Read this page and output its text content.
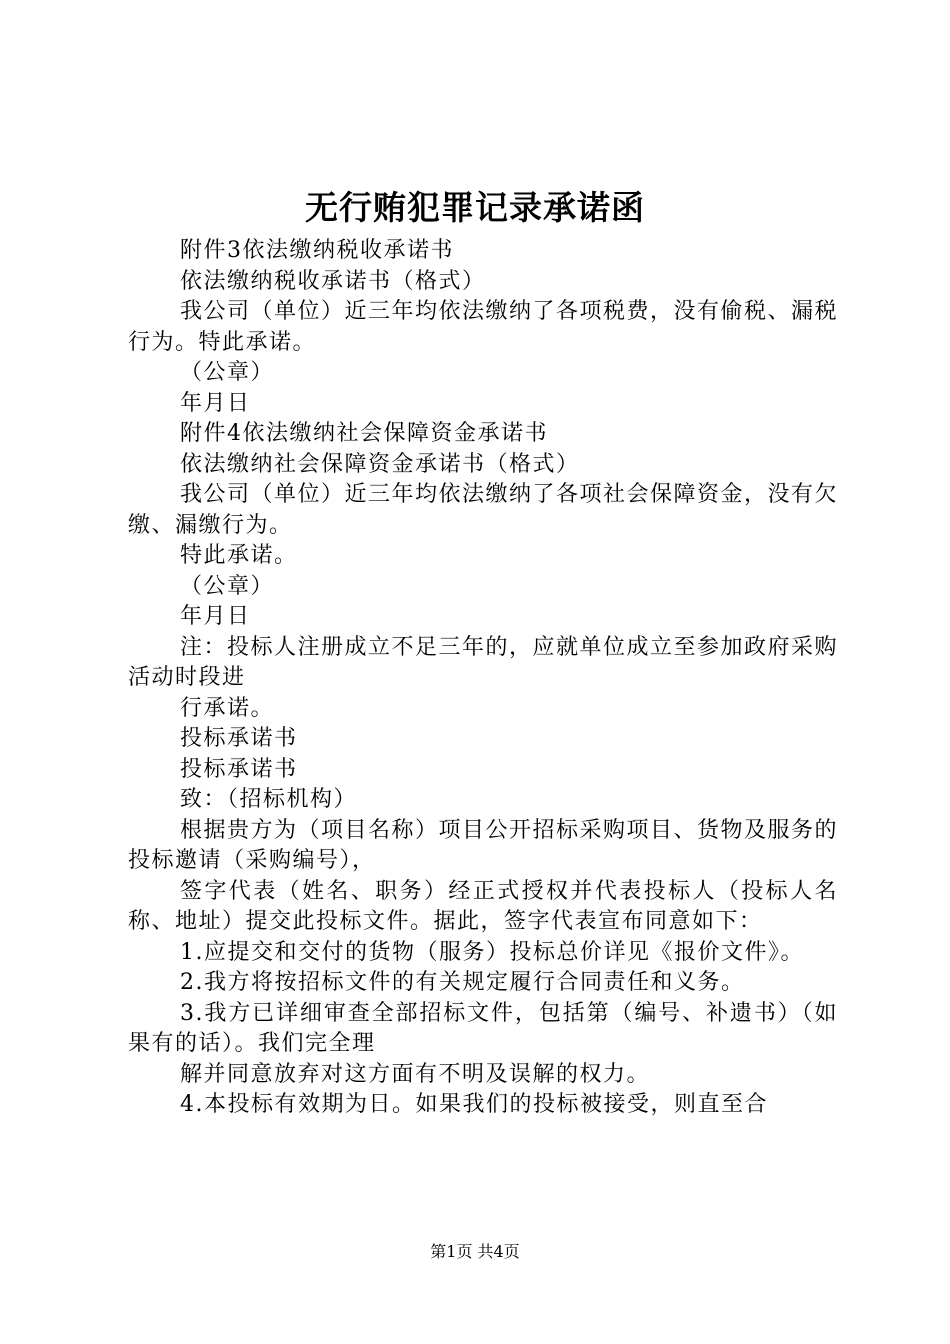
无行贿犯罪记录承诺函

附件3依法缴纳税收承诺书

依法缴纳税收承诺书（格式）

我公司（单位）近三年均依法缴纳了各项税费，没有偷税、漏税行为。特此承诺。

（公章）

年月日

附件4依法缴纳社会保障资金承诺书

依法缴纳社会保障资金承诺书（格式）

我公司（单位）近三年均依法缴纳了各项社会保障资金，没有欠缴、漏缴行为。

特此承诺。

（公章）

年月日

注：投标人注册成立不足三年的，应就单位成立至参加政府采购活动时段进

行承诺。

投标承诺书

投标承诺书

致：（招标机构）

根据贵方为（项目名称）项目公开招标采购项目、货物及服务的投标邀请（采购编号），

签字代表（姓名、职务）经正式授权并代表投标人（投标人名称、地址）提交此投标文件。据此，签字代表宣布同意如下：

1.应提交和交付的货物（服务）投标总价详见《报价文件》。

2.我方将按招标文件的有关规定履行合同责任和义务。

3.我方已详细审查全部招标文件，包括第（编号、补遗书）（如果有的话）。我们完全理

解并同意放弃对这方面有不明及误解的权力。

4.本投标有效期为日。如果我们的投标被接受，则直至合

第1页 共4页
